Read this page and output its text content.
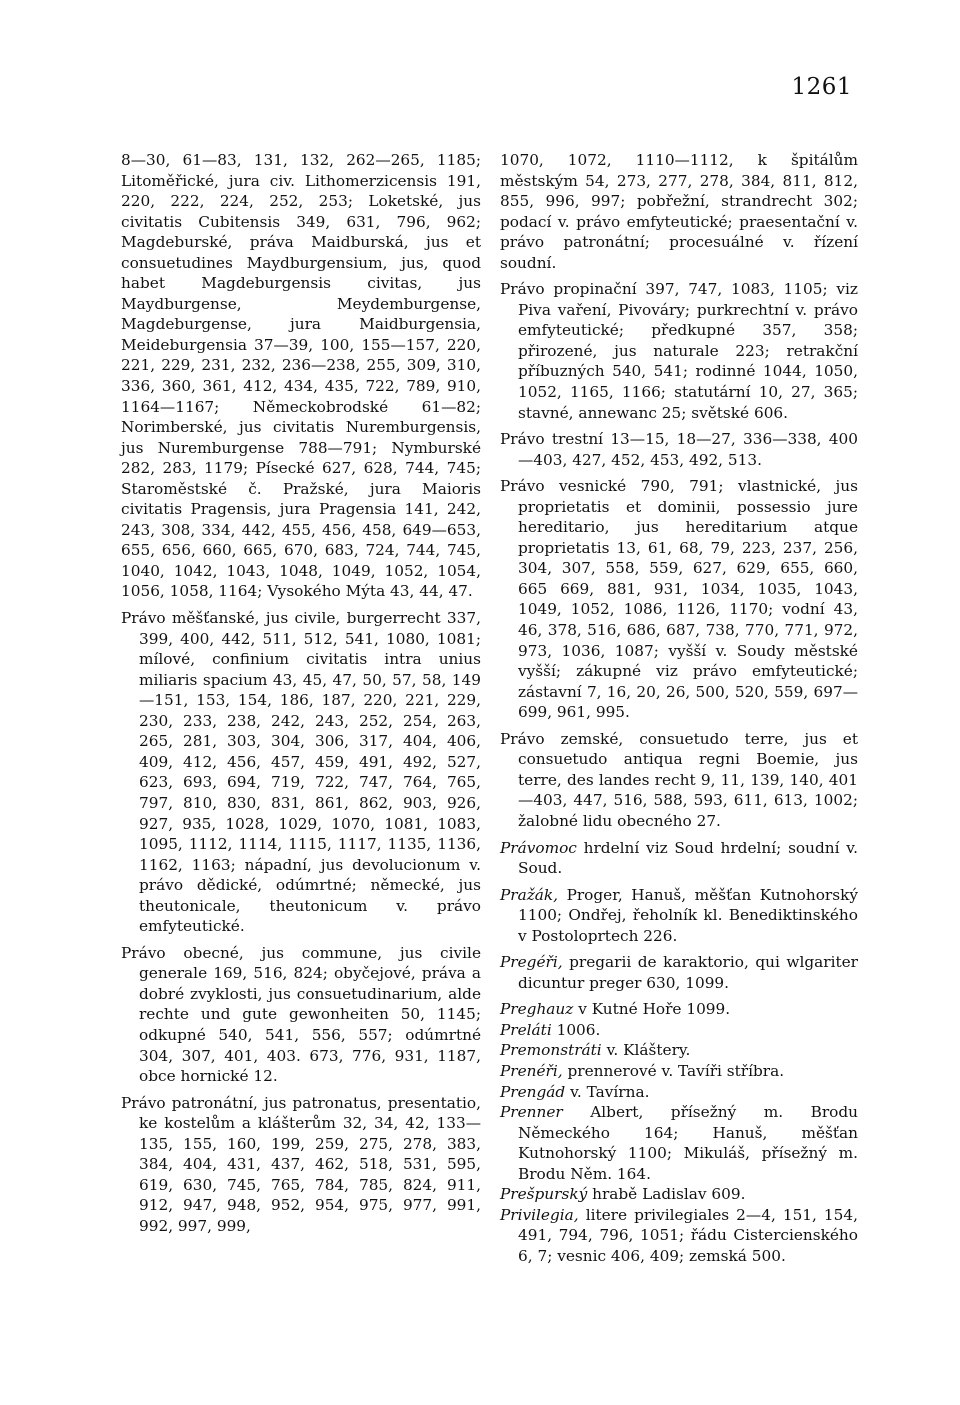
1261

8—30, 61—83, 131, 132, 262—265, 1185; Litoměřické, jura civ. Lithomerzicensis 191, 220, 222, 224, 252, 253; Loketské, jus civitatis Cubitensis 349, 631, 796, 962; Magdeburské, práva Maidburská, jus et consuetudines Maydburgensium, jus, quod habet Magdeburgensis civitas, jus Maydburgense, Meydemburgense, Magdeburgense, jura Maidburgensia, Meideburgensia 37—39, 100, 155—157, 220, 221, 229, 231, 232, 236—238, 255, 309, 310, 336, 360, 361, 412, 434, 435, 722, 789, 910, 1164—1167; Německobrodské 61—82; Norimberské, jus civitatis Nuremburgensis, jus Nuremburgense 788—791; Nymburské 282, 283, 1179; Písecké 627, 628, 744, 745; Staroměstské č. Pražské, jura Maioris civitatis Pragensis, jura Pragensia 141, 242, 243, 308, 334, 442, 455, 456, 458, 649—653, 655, 656, 660, 665, 670, 683, 724, 744, 745, 1040, 1042, 1043, 1048, 1049, 1052, 1054, 1056, 1058, 1164; Vysokého Mýta 43, 44, 47.

Právo měšťanské, jus civile, burgerrecht 337, 399, 400, 442, 511, 512, 541, 1080, 1081; mílové, confinium civitatis intra unius miliaris spacium 43, 45, 47, 50, 57, 58, 149—151, 153, 154, 186, 187, 220, 221, 229, 230, 233, 238, 242, 243, 252, 254, 263, 265, 281, 303, 304, 306, 317, 404, 406, 409, 412, 456, 457, 459, 491, 492, 527, 623, 693, 694, 719, 722, 747, 764, 765, 797, 810, 830, 831, 861, 862, 903, 926, 927, 935, 1028, 1029, 1070, 1081, 1083, 1095, 1112, 1114, 1115, 1117, 1135, 1136, 1162, 1163; nápadní, jus devolucionum v. právo dědické, odúmrtné; německé, jus theutonicale, theutonicum v. právo emfyteutické.

Právo obecné, jus commune, jus civile generale 169, 516, 824; obyčejové, práva a dobré zvyklosti, jus consuetudinarium, alde rechte und gute gewonheiten 50, 1145; odkupné 540, 541, 556, 557; odúmrtné 304, 307, 401, 403. 673, 776, 931, 1187, obce hornické 12.

Právo patronátní, jus patronatus, presentatio, ke kostelům a klášterům 32, 34, 42, 133—135, 155, 160, 199, 259, 275, 278, 383, 384, 404, 431, 437, 462, 518, 531, 595, 619, 630, 745, 765, 784, 785, 824, 911, 912, 947, 948, 952, 954, 975, 977, 991, 992, 997, 999,

1070, 1072, 1110—1112, k špitálům městským 54, 273, 277, 278, 384, 811, 812, 855, 996, 997; pobřežní, strandrecht 302; podací v. právo emfyteutické; praesentační v. právo patronátní; procesuálné v. řízení soudní.

Právo propinační 397, 747, 1083, 1105; viz Piva vaření, Pivováry; purkrechtní v. právo emfyteutické; předkupné 357, 358; přirozené, jus naturale 223; retrakční příbuzných 540, 541; rodinné 1044, 1050, 1052, 1165, 1166; statutární 10, 27, 365; stavné, annewanc 25; světské 606.

Právo trestní 13—15, 18—27, 336—338, 400—403, 427, 452, 453, 492, 513.

Právo vesnické 790, 791; vlastnické, jus proprietatis et dominii, possessio jure hereditario, jus hereditarium atque proprietatis 13, 61, 68, 79, 223, 237, 256, 304, 307, 558, 559, 627, 629, 655, 660, 665 669, 881, 931, 1034, 1035, 1043, 1049, 1052, 1086, 1126, 1170; vodní 43, 46, 378, 516, 686, 687, 738, 770, 771, 972, 973, 1036, 1087; vyšší v. Soudy městské vyšší; zákupné viz právo emfyteutické; zástavní 7, 16, 20, 26, 500, 520, 559, 697—699, 961, 995.

Právo zemské, consuetudo terre, jus et consuetudo antiqua regni Boemie, jus terre, des landes recht 9, 11, 139, 140, 401—403, 447, 516, 588, 593, 611, 613, 1002; žalobné lidu obecného 27.

Právomoc hrdelní viz Soud hrdelní; soudní v. Soud.

Pražák, Proger, Hanuš, měšťan Kutnohorský 1100; Ondřej, řeholník kl. Benediktinského v Postoloprtech 226.

Pregéři, pregarii de karaktorio, qui wlgariter dicuntur preger 630, 1099.

Preghauz v Kutné Hoře 1099.

Preláti 1006.

Premonstráti v. Kláštery.

Prenéři, prennerové v. Tavíři stříbra.

Prengád v. Tavírna.

Prenner Albert, přísežný m. Brodu Německého 164; Hanuš, měšťan Kutnohorský 1100; Mikuláš, přísežný m. Brodu Něm. 164.

Prešpurský hrabě Ladislav 609.

Privilegia, litere privilegiales 2—4, 151, 154, 491, 794, 796, 1051; řádu Cistercienského 6, 7; vesnic 406, 409; zemská 500.
